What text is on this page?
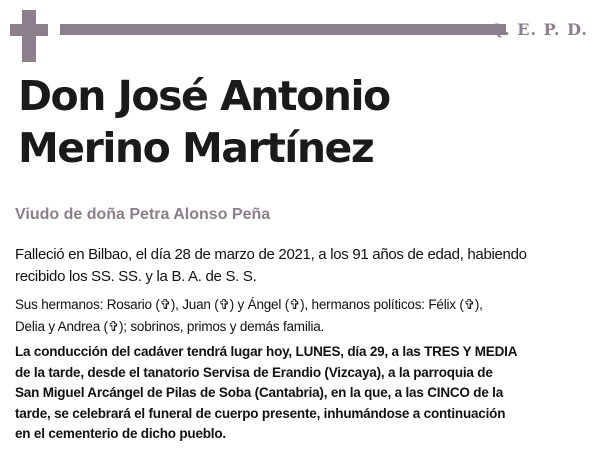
Q. E. P. D.
Don José Antonio
Merino Martínez
Viudo de doña Petra Alonso Peña
Falleció en Bilbao, el día 28 de marzo de 2021, a los 91 años de edad, habiendo
recibido los SS. SS. y la B. A. de S. S.
Sus hermanos: Rosario (✞), Juan (✞) y Ángel (✞), hermanos políticos: Félix (✞),
Delia y Andrea (✞); sobrinos, primos y demás familia.
La conducción del cadáver tendrá lugar hoy, LUNES, día 29, a las TRES Y MEDIA
de la tarde, desde el tanatorio Servisa de Erandio (Vizcaya), a la parroquia de
San Miguel Arcángel de Pilas de Soba (Cantabria), en la que, a las CINCO de la
tarde, se celebrará el funeral de cuerpo presente, inhumándose a continuación
en el cementerio de dicho pueblo.
